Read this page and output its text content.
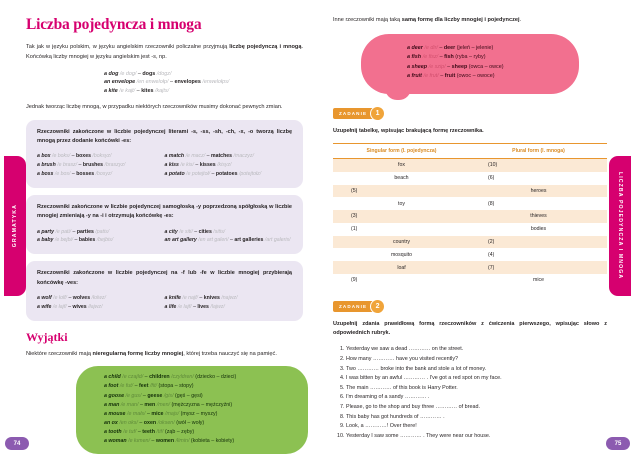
Liczba pojedyncza i mnoga

Tak jak w języku polskim, w języku angielskim rzeczowniki policzalne przyjmują liczbę pojedynczą i mnogą. Końcówką liczby mnogiej w języku angielskim jest -s, np.

a dog /e dog/ – dogs /dogz/
an envelope /en enwelołp/ – envelopes /enwelołps/
a kite /e kajt/ – kites /kajts/

Jednak tworząc liczbę mnogą, w przypadku niektórych rzeczowników musimy dokonać pewnych zmian.

Rzeczowniki zakończone w liczbie pojedynczej literami -s, -ss, -sh, -ch, -x, -o tworzą liczbę mnogą przez dodanie końcówki -es:
a box /e boks/ – boxes /boksyz/
a brush /e brasz/ – brushes /braszyz/
a boss /e bos/ – bosses /bosyz/
a match /e macz/ – matches /maczyz/
a kiss /e kis/ – kisses /kisyz/
a potato /e potejtoł/ – potatoes /potejtołz/
Rzeczowniki zakończone w liczbie pojedynczej samogłoską -y poprzedzoną spółgłoską w liczbie mnogiej zmieniają -y na -i i otrzymują końcówkę -es:
a party /e pati/ – parties /patis/
a baby /e bejbi/ – babies /bejbis/
a city /e siti/ – cities /sitis/
an art gallery /en art galeri/ – art galleries /art galeris/
Rzeczowniki zakończone w liczbie pojedynczej na -f lub -fe w liczbie mnogiej przybierają końcówkę -ves:
a wolf /e łolf/ – wolves /łolwz/
a wife /e łajf/ – wives /łajwz/
a knife /e najf/ – knives /najwz/
a life /e lajf/ – lives /lajwz/
Wyjątki

Niektóre rzeczowniki mają nieregularną formę liczby mnogiej, której trzeba nauczyć się na pamięć.

a child /e czajld/ – children /czyldren/ (dziecko – dzieci)
a foot /e fut/ – feet /fit/ (stopa – stopy)
a goose /e gus/ – geese /gis/ (gęś – gęsi)
a man /e man/ – men /men/ (mężczyzna – mężczyźni)
a mouse /e małs/ – mice /majs/ (mysz – myszy)
an ox /en oks/ – oxen /oksen/ (wół – woły)
a tooth /e tuf/ – teeth /tif/ (ząb – zęby)
a woman /e łumen/ – women /łimin/ (kobieta – kobiety)
GRAMATYKA
74

Inne rzeczowniki mają taką samą formę dla liczby mnogiej i pojedynczej.

a deer /e dir/ – deer (jeleń – jelenie)
a fish /e fisz/ – fish (ryba – ryby)
a sheep /e szip/ – sheep (owca – owce)
a fruit /e frut/ – fruit (owoc – owoce)
ZADANIE	1

Uzupełnij tabelkę, wpisując brakującą formę rzeczownika.

Singular form (l. pojedyncza)	Plural form (l. mnoga)
fox	(10)
beach	(6)
(5)	heroes
toy	(8)
(3)	thieves
(1)	bodies
country	(2)
mosquito	(4)
loaf	(7)
(9)	mice
ZADANIE	2

Uzupełnij zdania prawidłową formą rzeczowników z ćwiczenia pierwszego, wpisując słowo z odpowiednich rubryk.

1. Yesterday we saw a dead ………… on the street.
2. How many ………… have you visited recently?
3. Two ………… broke into the bank and stole a lot of money.
4. I was bitten by an awful ………… . I've got a red spot on my face.
5. The main ………… of this book is Harry Potter.
6. I'm dreaming of a sandy ………… .
7. Please, go to the shop and buy three ………… of bread.
8. This baby has got hundreds of ………… .
9. Look, a …………! Over there!
10. Yesterday I saw some ………… . They were near our house.
LICZBA POJEDYNCZA I MNOGA
75
